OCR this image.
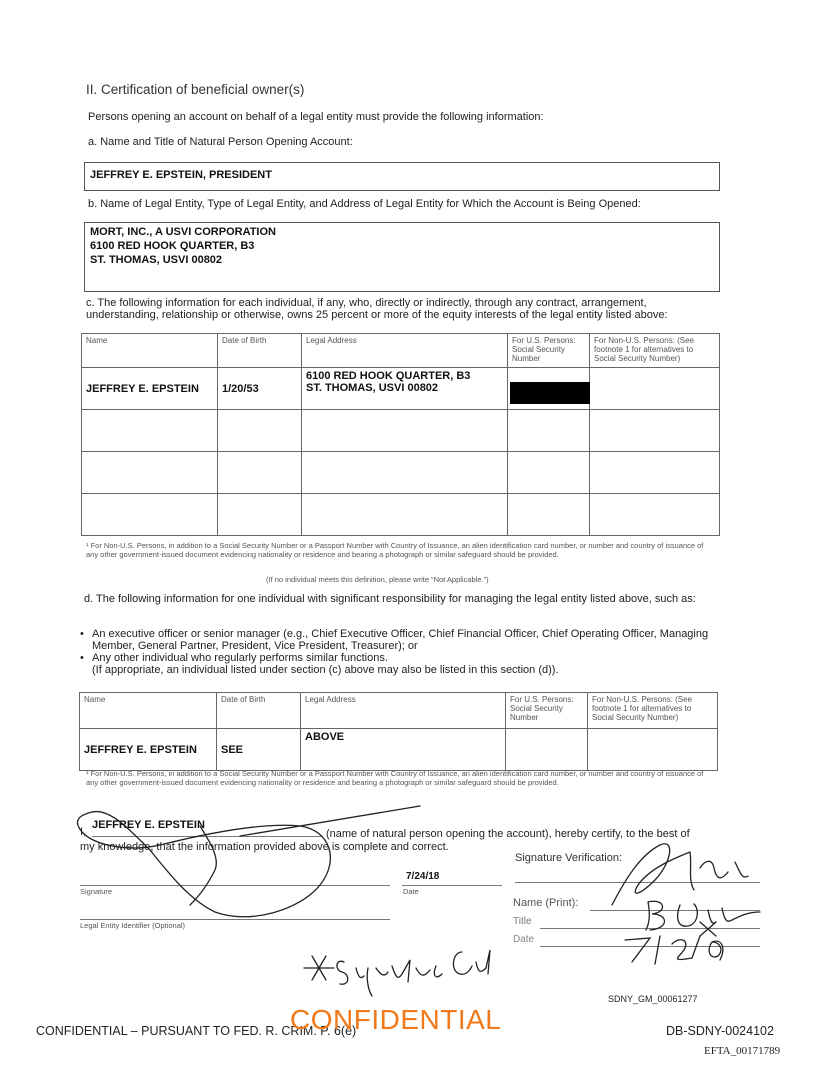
II. Certification of beneficial owner(s)
Persons opening an account on behalf of a legal entity must provide the following information:
a. Name and Title of Natural Person Opening Account:
JEFFREY E. EPSTEIN, PRESIDENT
b. Name of Legal Entity, Type of Legal Entity, and Address of Legal Entity for Which the Account is Being Opened:
MORT, INC., A USVI CORPORATION
6100 RED HOOK QUARTER, B3
ST. THOMAS, USVI 00802
c. The following information for each individual, if any, who, directly or indirectly, through any contract, arrangement, understanding, relationship or otherwise, owns 25 percent or more of the equity interests of the legal entity listed above:
Name	Date of Birth	Legal Address	For U.S. Persons: Social Security Number	For Non-U.S. Persons: (See footnote 1 for alternatives to Social Security Number)
JEFFREY E. EPSTEIN	1/20/53	6100 RED HOOK QUARTER, B3
ST. THOMAS, USVI 00802		

¹ For Non-U.S. Persons, in addition to a Social Security Number or a Passport Number with Country of Issuance, an alien identification card number, or number and country of issuance of any other government-issued document evidencing nationality or residence and bearing a photograph or similar safeguard should be provided.
(If no individual meets this definition, please write “Not Applicable.”)
d. The following information for one individual with significant responsibility for managing the legal entity listed above, such as:
• An executive officer or senior manager (e.g., Chief Executive Officer, Chief Financial Officer, Chief Operating Officer, Managing Member, General Partner, President, Vice President, Treasurer); or
• Any other individual who regularly performs similar functions.
(If appropriate, an individual listed under section (c) above may also be listed in this section (d)).
Name	Date of Birth	Legal Address	For U.S. Persons: Social Security Number	For Non-U.S. Persons: (See footnote 1 for alternatives to Social Security Number)
JEFFREY E. EPSTEIN	SEE	ABOVE		
¹ For Non-U.S. Persons, in addition to a Social Security Number or a Passport Number with Country of Issuance, an alien identification card number, or number and country of issuance of any other government-issued document evidencing nationality or residence and bearing a photograph or similar safeguard should be provided.
I,
JEFFREY E. EPSTEIN
(name of natural person opening the account), hereby certify, to the best of
my knowledge, that the information provided above is complete and correct.
Signature
7/24/18
Date
Legal Entity Identifier (Optional)
Signature Verification:
Name (Print):
Title
Date
SDNY_GM_00061277
CONFIDENTIAL – PURSUANT TO FED. R. CRIM. P. 6(e)
CONFIDENTIAL	DB-SDNY-0024102
EFTA_00171789
